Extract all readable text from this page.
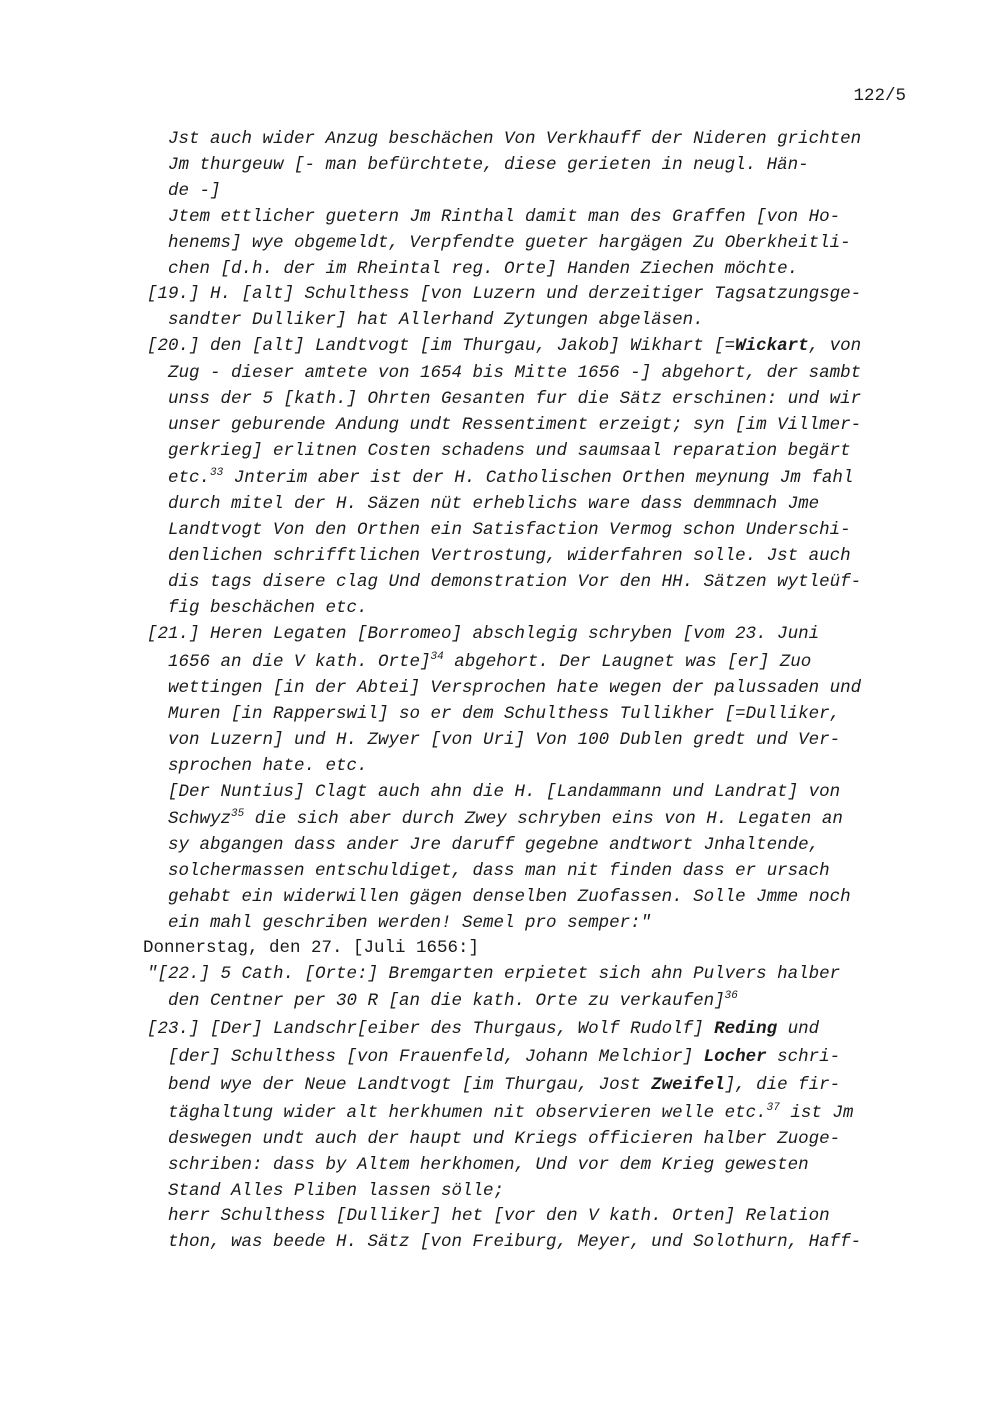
122/5
Jst auch wider Anzug beschächen Von Verkhauff der Nideren grichten
Jm thurgeuw [- man befürchtete, diese gerieten in neugl. Hän-
de -]
Jtem ettlicher guetern Jm Rinthal damit man des Graffen [von Ho-
henems] wye obgemeldt, Verpfendte gueter hargägen Zu Oberkheitli-
chen [d.h. der im Rheintal reg. Orte] Handen Ziechen möchte.
[19.] H. [alt] Schulthess [von Luzern und derzeitiger Tagsatzungsge-
sandter Dulliker] hat Allerhand Zytungen abgeläsen.
[20.] den [alt] Landtvogt [im Thurgau, Jakob] Wikhart [=Wickart, von
Zug - dieser amtete von 1654 bis Mitte 1656 -] abgehort, der sambt
unss der 5 [kath.] Ohrten Gesanten fur die Sätz erschinen: und wir
unser geburende Andung undt Ressentiment erzeigt; syn [im Villmer-
gerkrieg] erlitnen Costen schadens und saumsaal reparation begärt
etc.$^{33}$ Jnterim aber ist der H. Catholischen Orthen meynung Jm fahl
durch mitel der H. Säzen nüt erheblichs ware dass demmnach Jme
Landtvogt Von den Orthen ein Satisfaction Vermog schon Underschi-
denlichen schrifftlichen Vertrostung, widerfahren solle. Jst auch
dis tags disere clag Und demonstration Vor den HH. Sätzen wytleüf-
fig beschächen etc.
[21.] Heren Legaten [Borromeo] abschlegig schryben [vom 23. Juni
1656 an die V kath. Orte]$^{34}$ abgehort. Der Laugnet was [er] Zuo
wettingen [in der Abtei] Versprochen hate wegen der palussaden und
Muren [in Rapperswil] so er dem Schulthess Tullikher [=Dulliker,
von Luzern] und H. Zwyer [von Uri] Von 100 Dublen gredt und Ver-
sprochen hate. etc.
[Der Nuntius] Clagt auch ahn die H. [Landammann und Landrat] von
Schwyz$^{35}$ die sich aber durch Zwey schryben eins von H. Legaten an
sy abgangen dass ander Jre daruff gegebne andtwort Jnhaltende,
solchermassen entschuldiget, dass man nit finden dass er ursach
gehabt ein widerwillen gägen denselben Zuofassen. Solle Jmme noch
ein mahl geschriben werden! Semel pro semper:"
Donnerstag, den 27. [Juli 1656:]
"[22.] 5 Cath. [Orte:] Bremgarten erpietet sich ahn Pulvers halber
den Centner per 30 R [an die kath. Orte zu verkaufen]$^{36}$
[23.] [Der] Landschr[eiber des Thurgaus, Wolf Rudolf] Reding und
[der] Schulthess [von Frauenfeld, Johann Melchior] Locher schri-
bend wye der Neue Landtvogt [im Thurgau, Jost Zweifel], die fir-
täghaltung wider alt herkhumen nit observieren welle etc.$^{37}$ ist Jm
deswegen undt auch der haupt und Kriegs officieren halber Zuoge-
schriben: dass by Altem herkhomen, Und vor dem Krieg gewesten
Stand Alles Pliben lassen sölle;
herr Schulthess [Dulliker] het [vor den V kath. Orten] Relation
thon, was beede H. Sätz [von Freiburg, Meyer, und Solothurn, Haff-
